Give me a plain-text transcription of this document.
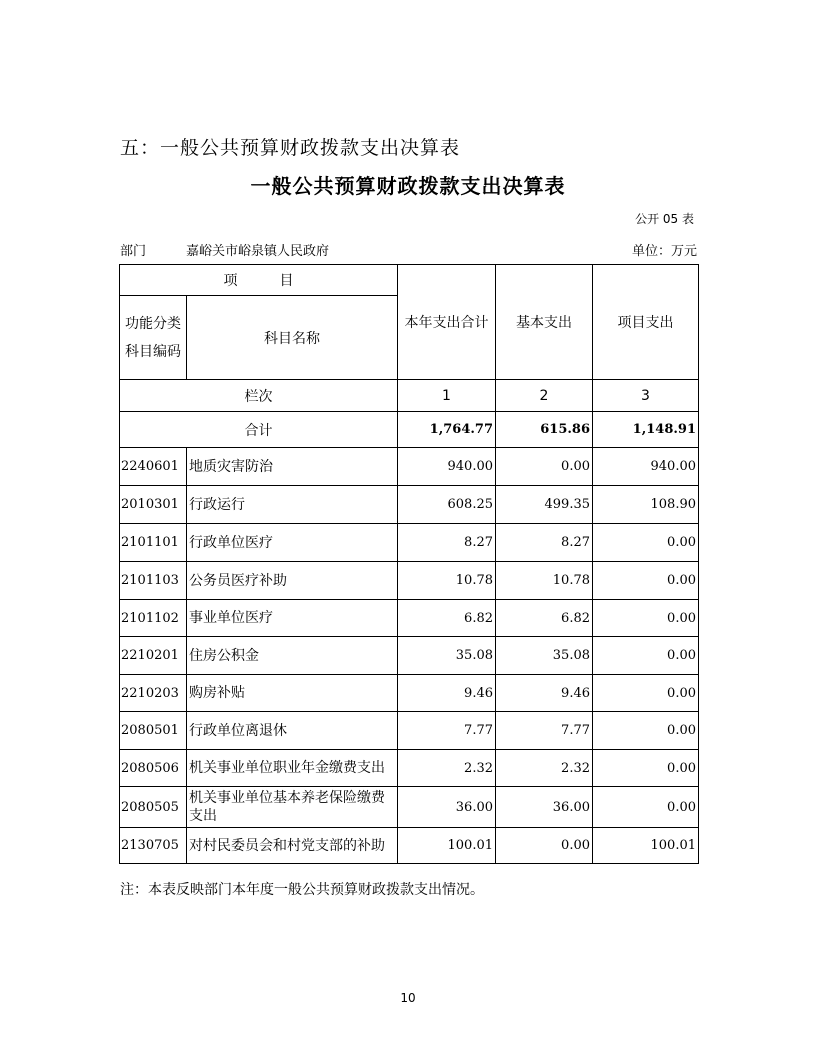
五：一般公共预算财政拨款支出决算表
一般公共预算财政拨款支出决算表
公开 05 表
部门	嘉峪关市峪泉镇人民政府	单位：万元
项　　　目		本年支出合计	基本支出	项目支出
功能分类科目编码	科目名称			
栏次		1	2	3
合计		1,764.77	615.86	1,148.91
2240601	地质灾害防治	940.00	0.00	940.00
2010301	行政运行	608.25	499.35	108.90
2101101	行政单位医疗	8.27	8.27	0.00
2101103	公务员医疗补助	10.78	10.78	0.00
2101102	事业单位医疗	6.82	6.82	0.00
2210201	住房公积金	35.08	35.08	0.00
2210203	购房补贴	9.46	9.46	0.00
2080501	行政单位离退休	7.77	7.77	0.00
2080506	机关事业单位职业年金缴费支出	2.32	2.32	0.00
2080505	机关事业单位基本养老保险缴费支出	36.00	36.00	0.00
2130705	对村民委员会和村党支部的补助	100.01	0.00	100.01
注：本表反映部门本年度一般公共预算财政拨款支出情况。
10
